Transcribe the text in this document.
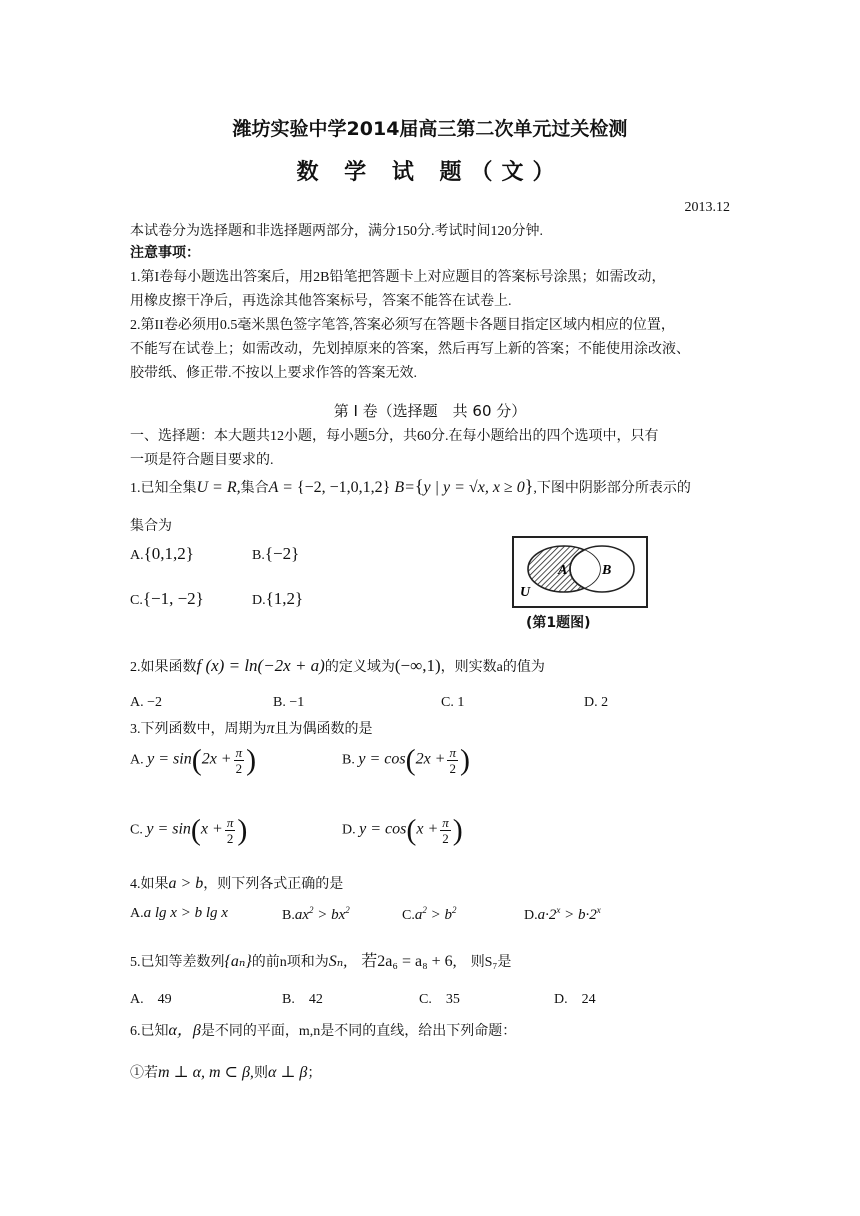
潍坊实验中学2014届高三第二次单元过关检测
数 学 试 题（文）
2013.12
本试卷分为选择题和非选择题两部分，满分150分.考试时间120分钟.
注意事项：
1.第I卷每小题选出答案后，用2B铅笔把答题卡上对应题目的答案标号涂黑；如需改动，
用橡皮擦干净后，再选涂其他答案标号，答案不能答在试卷上.
2.第II卷必须用0.5毫米黑色签字笔答,答案必须写在答题卡各题目指定区域内相应的位置，
不能写在试卷上；如需改动，先划掉原来的答案，然后再写上新的答案；不能使用涂改液、
胶带纸、修正带.不按以上要求作答的答案无效.
第 I 卷（选择题　共 60 分）
一、选择题：本大题共12小题，每小题5分，共60分.在每小题给出的四个选项中，只有
一项是符合题目要求的.
1.已知全集U = R,集合A = {−2, −1,0,1,2} B={y | y = √x, x ≥ 0},下图中阴影部分所表示的
集合为
A.{0,1,2}	B.{−2}
C.{−1, −2}	D.{1,2}
A B
U
(第1题图)
2.如果函数f (x) = ln(−2x + a)的定义域为(−∞,1)，则实数a的值为
A. −2	B. −1	C. 1	D. 2
3.下列函数中，周期为π且为偶函数的是
A. $y = \sin(2x + \frac{\pi}{2}$ )	B. $y = \cos(2x + \frac{\pi}{2}$ )
C. $y = \sin(x + \frac{\pi}{2}$ )	D. $y = \cos(x + \frac{\pi}{2}$ )
4.如果a > b，则下列各式正确的是
A.a lg x > b lg x	$B.ax^2 > bx^2$	$C.a^2 > b^2$	$D.a\cdot 2^x > b\cdot 2^x$
5.已知等差数列{aₙ}的前n项和为Sₙ,　 若2a₆ = a₈ + 6,　 则S₇是
A.　49	B.　42	C.　35	D.　24
6.已知α，β是不同的平面，m,n是不同的直线，给出下列命题：
①若m ⊥ α, m ⊂ β,则α ⊥ β；
